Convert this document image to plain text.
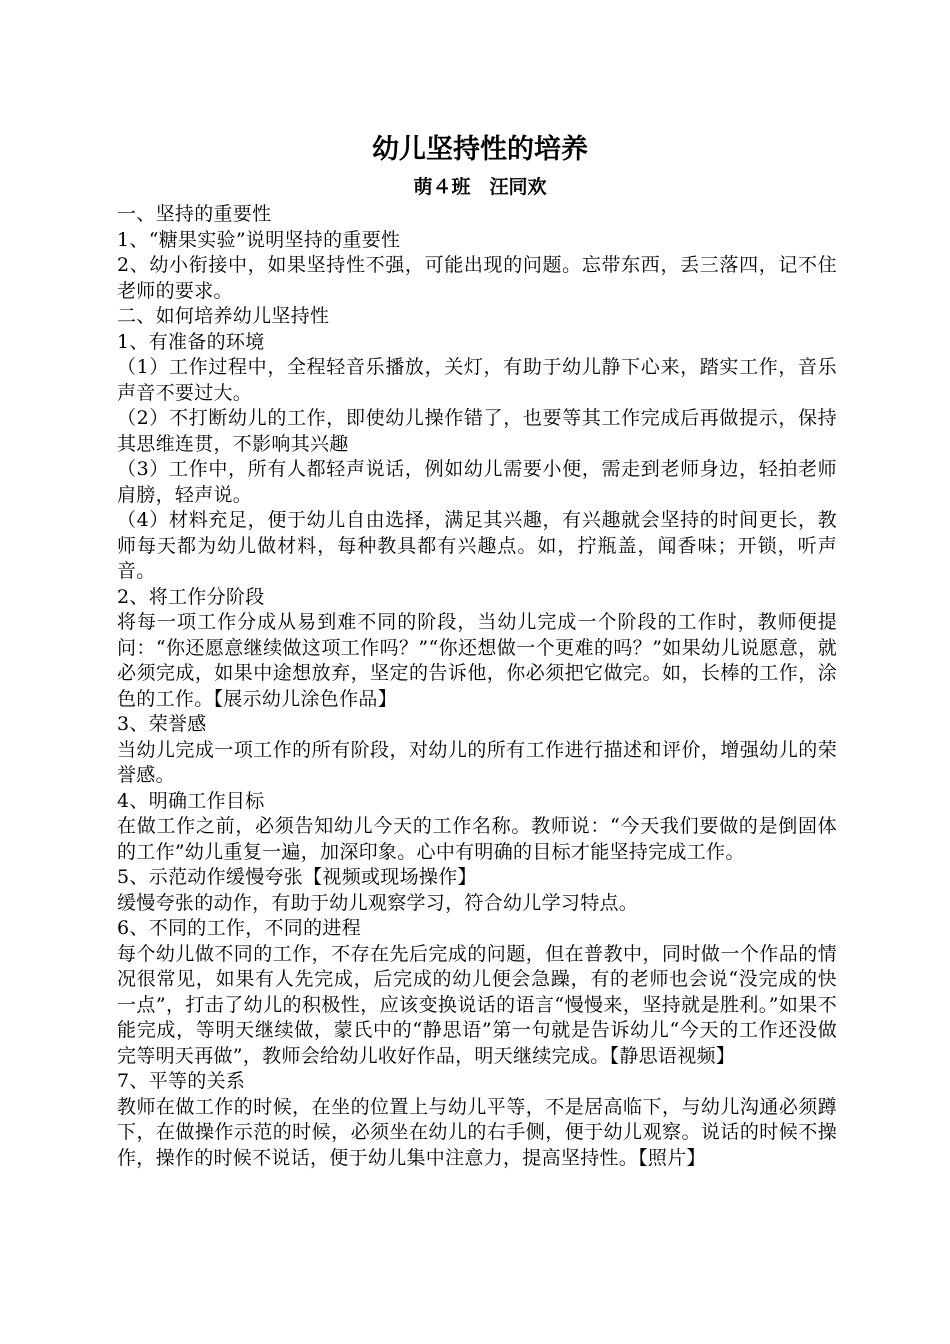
幼儿坚持性的培养
萌４班　汪同欢

一、坚持的重要性

1、“糖果实验”说明坚持的重要性

2、幼小衔接中，如果坚持性不强，可能出现的问题。忘带东西，丢三落四，记不住老师的要求。

二、如何培养幼儿坚持性

1、有准备的环境

（1）工作过程中，全程轻音乐播放，关灯，有助于幼儿静下心来，踏实工作，音乐声音不要过大。

（2）不打断幼儿的工作，即使幼儿操作错了，也要等其工作完成后再做提示，保持其思维连贯，不影响其兴趣

（3）工作中，所有人都轻声说话，例如幼儿需要小便，需走到老师身边，轻拍老师肩膀，轻声说。

（4）材料充足，便于幼儿自由选择，满足其兴趣，有兴趣就会坚持的时间更长，教师每天都为幼儿做材料，每种教具都有兴趣点。如，拧瓶盖，闻香味；开锁，听声音。

2、将工作分阶段

将每一项工作分成从易到难不同的阶段，当幼儿完成一个阶段的工作时，教师便提问：“你还愿意继续做这项工作吗？”“你还想做一个更难的吗？”如果幼儿说愿意，就必须完成，如果中途想放弃，坚定的告诉他，你必须把它做完。如，长棒的工作，涂色的工作。【展示幼儿涂色作品】

3、荣誉感

当幼儿完成一项工作的所有阶段，对幼儿的所有工作进行描述和评价，增强幼儿的荣誉感。

4、明确工作目标

在做工作之前，必须告知幼儿今天的工作名称。教师说：“今天我们要做的是倒固体的工作”幼儿重复一遍，加深印象。心中有明确的目标才能坚持完成工作。

5、示范动作缓慢夸张【视频或现场操作】

缓慢夸张的动作，有助于幼儿观察学习，符合幼儿学习特点。

6、不同的工作，不同的进程

每个幼儿做不同的工作，不存在先后完成的问题，但在普教中，同时做一个作品的情况很常见，如果有人先完成，后完成的幼儿便会急躁，有的老师也会说“没完成的快一点”，打击了幼儿的积极性，应该变换说话的语言“慢慢来，坚持就是胜利。”如果不能完成，等明天继续做，蒙氏中的“静思语”第一句就是告诉幼儿“今天的工作还没做完等明天再做”，教师会给幼儿收好作品，明天继续完成。【静思语视频】

7、平等的关系

教师在做工作的时候，在坐的位置上与幼儿平等，不是居高临下，与幼儿沟通必须蹲下，在做操作示范的时候，必须坐在幼儿的右手侧，便于幼儿观察。说话的时候不操作，操作的时候不说话，便于幼儿集中注意力，提高坚持性。【照片】
